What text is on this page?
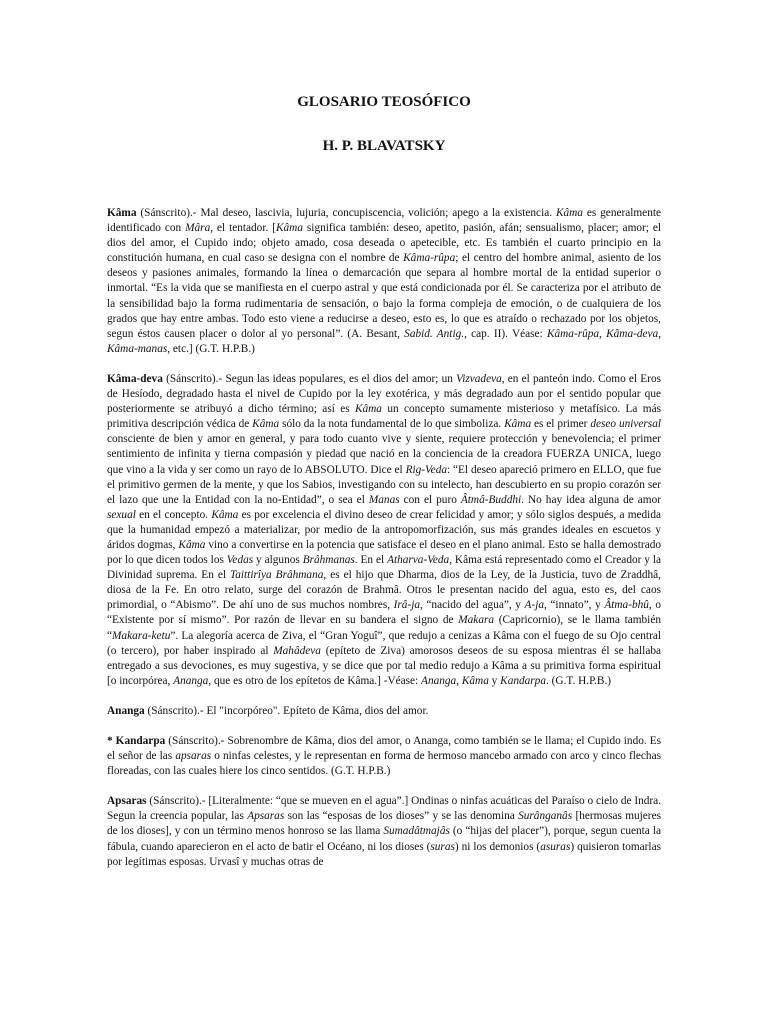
GLOSARIO TEOSÓFICO
H. P. BLAVATSKY

Kâma (Sánscrito).- Mal deseo, lascivia, lujuria, concupiscencia, volición; apego a la existencia. Kâma es generalmente identificado con Mâra, el tentador. [Kâma significa también: deseo, apetito, pasión, afán; sensualismo, placer; amor; el dios del amor, el Cupido indo; objeto amado, cosa deseada o apetecible, etc. Es también el cuarto principio en la constitución humana, en cual caso se designa con el nombre de Kâma-rûpa; el centro del hombre animal, asiento de los deseos y pasiones animales, formando la línea o demarcación que separa al hombre mortal de la entidad superior o inmortal. “Es la vida que se manifiesta en el cuerpo astral y que está condicionada por él. Se caracteriza por el atributo de la sensibilidad bajo la forma rudimentaria de sensación, o bajo la forma compleja de emoción, o de cualquiera de los grados que hay entre ambas. Todo esto viene a reducirse a deseo, esto es, lo que es atraído o rechazado por los objetos, segun éstos causen placer o dolor al yo personal”. (A. Besant, Sabid. Antig., cap. II). Véase: Kâma-rûpa, Kâma-deva, Kâma-manas, etc.] (G.T. H.P.B.)

Kâma-deva (Sánscrito).- Segun las ideas populares, es el dios del amor; un Vizvadeva, en el panteón indo. Como el Eros de Hesíodo, degradado hasta el nivel de Cupido por la ley exotérica, y más degradado aun por el sentido popular que posteriormente se atribuyó a dicho término; así es Kâma un concepto sumamente misterioso y metafísico. La más primitiva descripción védica de Kâma sólo da la nota fundamental de lo que simboliza. Kâma es el primer deseo universal consciente de bien y amor en general, y para todo cuanto vive y siente, requiere protección y benevolencia; el primer sentimiento de infinita y tierna compasión y piedad que nació en la conciencia de la creadora FUERZA UNICA, luego que vino a la vida y ser como un rayo de lo ABSOLUTO. Dice el Rig-Veda: “El deseo apareció primero en ELLO, que fue el primitivo germen de la mente, y que los Sabios, investigando con su intelecto, han descubierto en su propio corazón ser el lazo que une la Entidad con la no-Entidad”, o sea el Manas con el puro Âtmâ-Buddhi. No hay idea alguna de amor sexual en el concepto. Kâma es por excelencia el divino deseo de crear felicidad y amor; y sólo siglos después, a medida que la humanidad empezó a materializar, por medio de la antropomorfización, sus más grandes ideales en escuetos y áridos dogmas, Kâma vino a convertirse en la potencia que satisface el deseo en el plano animal. Esto se halla demostrado por lo que dicen todos los Vedas y algunos Brâhmanas. En el Atharva-Veda, Kâma está representado como el Creador y la Divinidad suprema. En el Taittirîya Brâhmana, es el hijo que Dharma, dios de la Ley, de la Justicia, tuvo de Zraddhâ, diosa de la Fe. En otro relato, surge del corazón de Brahmâ. Otros le presentan nacido del agua, esto es, del caos primordial, o “Abismo”. De ahí uno de sus muchos nombres, Irâ-ja, “nacido del agua”, y A-ja, “innato”, y Âtma-bhû, o “Existente por sí mismo”. Por razón de llevar en su bandera el signo de Makara (Capricornio), se le llama también “Makara-ketu”. La alegoría acerca de Ziva, el “Gran Yoguî”, que redujo a cenizas a Kâma con el fuego de su Ojo central (o tercero), por haber inspirado al Mahâdeva (epíteto de Ziva) amorosos deseos de su esposa mientras él se hallaba entregado a sus devociones, es muy sugestiva, y se dice que por tal medio redujo a Kâma a su primitiva forma espiritual [o incorpórea, Ananga, que es otro de los epítetos de Kâma.] -Véase: Ananga, Kâma y Kandarpa. (G.T. H.P.B.)

Ananga (Sánscrito).- El "incorpóreo". Epíteto de Kâma, dios del amor.

* Kandarpa (Sánscrito).- Sobrenombre de Kâma, dios del amor, o Ananga, como también se le llama; el Cupido indo. Es el señor de las apsaras o ninfas celestes, y le representan en forma de hermoso mancebo armado con arco y cinco flechas floreadas, con las cuales hiere los cinco sentidos. (G.T. H.P.B.)

Apsaras (Sánscrito).- [Literalmente: “que se mueven en el agua”.] Ondinas o ninfas acuáticas del Paraíso o cielo de Indra. Segun la creencia popular, las Apsaras son las “esposas de los dioses” y se las denomina Surânganâs [hermosas mujeres de los dioses], y con un término menos honroso se las llama Sumadâtmajâs (o “hijas del placer”), porque, segun cuenta la fábula, cuando aparecieron en el acto de batir el Océano, ni los dioses (suras) ni los demonios (asuras) quisieron tomarlas por legítimas esposas. Urvasî y muchas otras de
